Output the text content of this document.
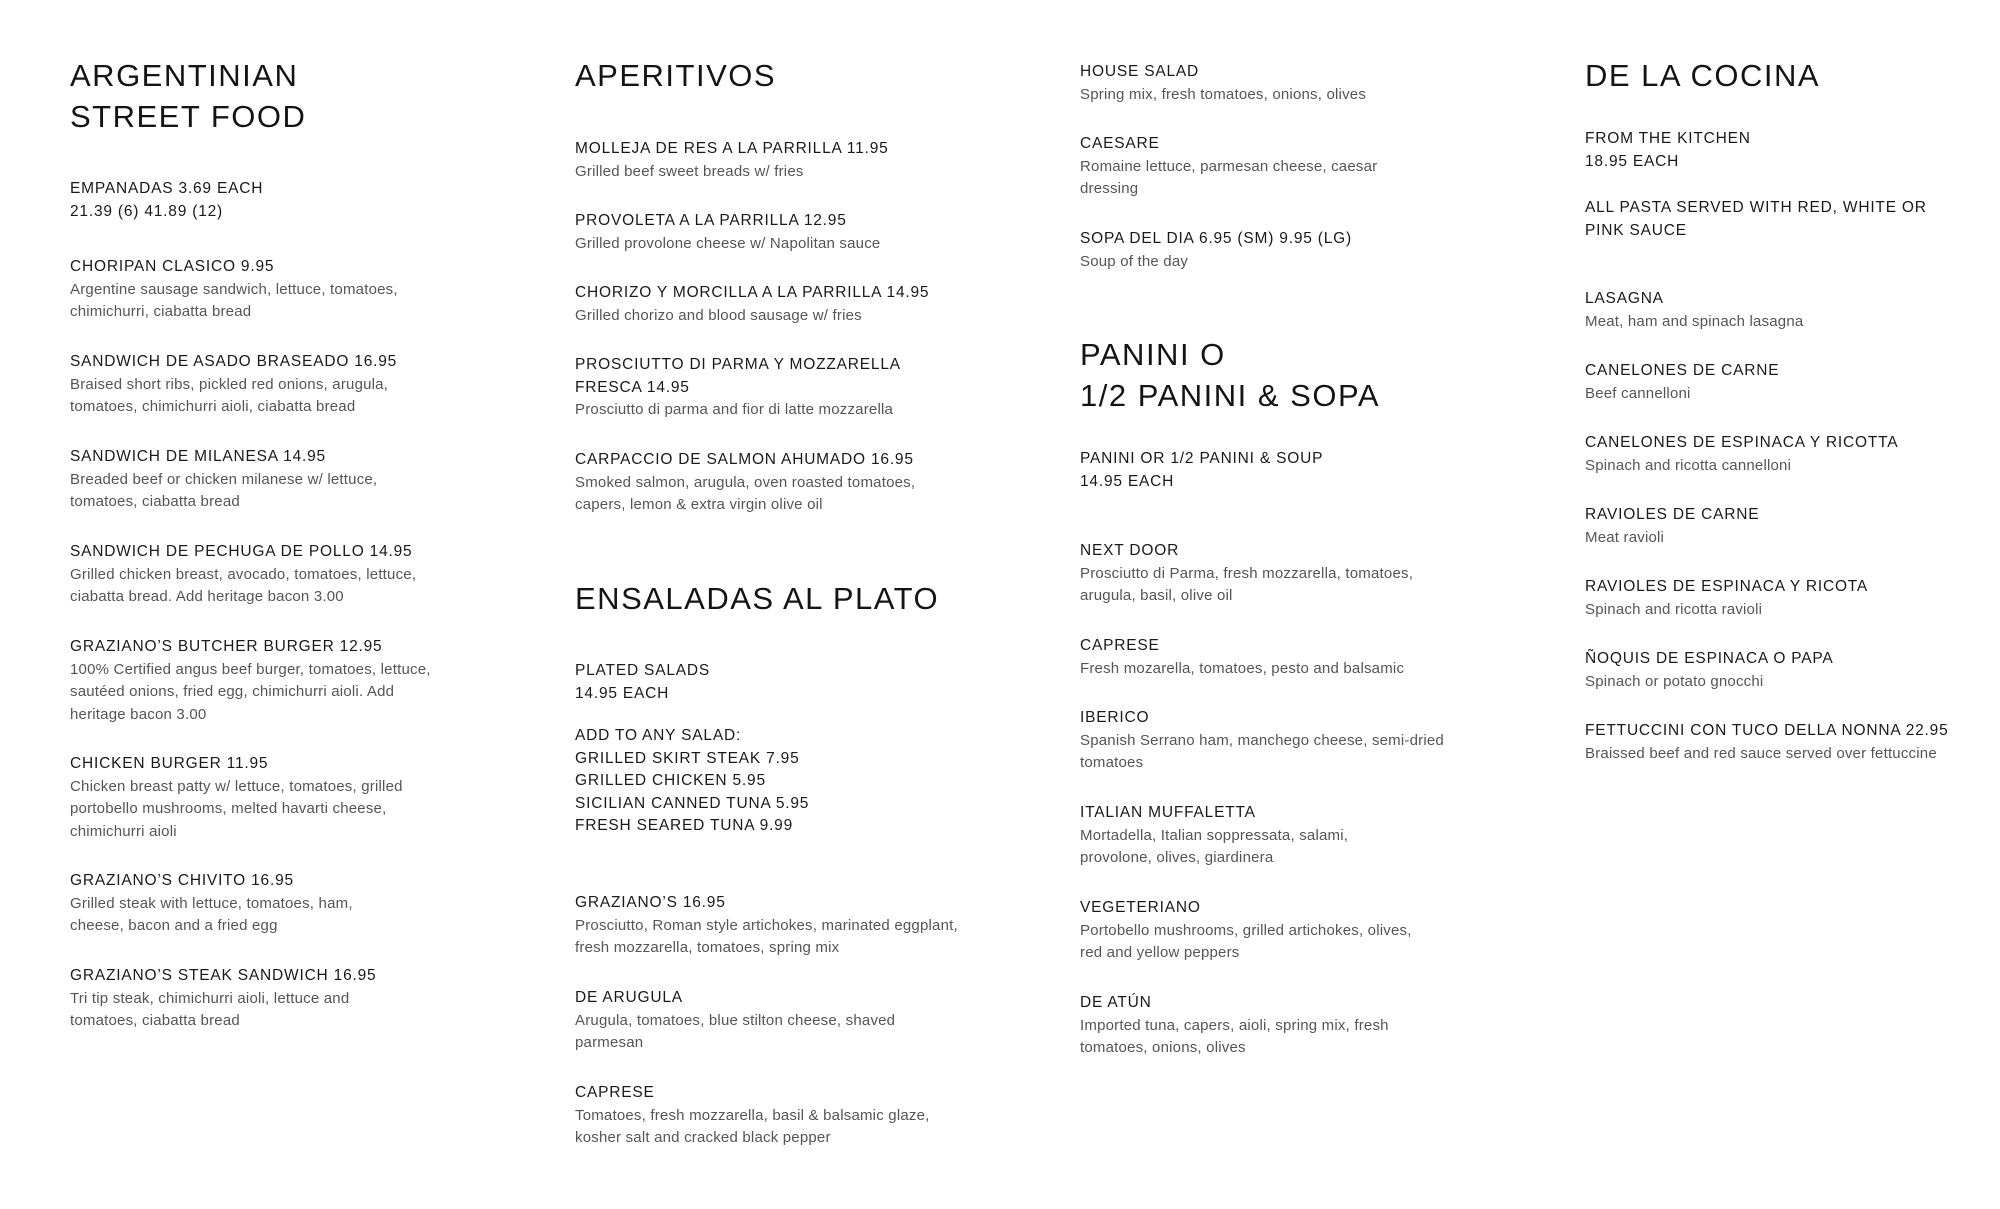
ARGENTINIAN
STREET FOOD

EMPANADAS 3.69 EACH
21.39 (6) 41.89 (12)

CHORIPAN CLASICO 9.95

Argentine sausage sandwich, lettuce, tomatoes, chimichurri, ciabatta bread

SANDWICH DE ASADO BRASEADO 16.95

Braised short ribs, pickled red onions, arugula, tomatoes, chimichurri aioli, ciabatta bread

SANDWICH DE MILANESA 14.95

Breaded beef or chicken milanese w/ lettuce, tomatoes, ciabatta bread

SANDWICH DE PECHUGA DE POLLO 14.95

Grilled chicken breast, avocado, tomatoes, lettuce, ciabatta bread. Add heritage bacon 3.00

GRAZIANO’S BUTCHER BURGER 12.95

100% Certified angus beef burger, tomatoes, lettuce, sautéed onions, fried egg, chimichurri aioli. Add heritage bacon 3.00

CHICKEN BURGER 11.95

Chicken breast patty w/ lettuce, tomatoes, grilled portobello mushrooms, melted havarti cheese, chimichurri aioli

GRAZIANO’S CHIVITO 16.95

Grilled steak with lettuce, tomatoes, ham, cheese, bacon and a fried egg

GRAZIANO’S STEAK SANDWICH 16.95

Tri tip steak, chimichurri aioli, lettuce and tomatoes, ciabatta bread

APERITIVOS

MOLLEJA DE RES A LA PARRILLA 11.95

Grilled beef sweet breads w/ fries

PROVOLETA A LA PARRILLA 12.95

Grilled provolone cheese w/ Napolitan sauce

CHORIZO Y MORCILLA A LA PARRILLA 14.95

Grilled chorizo and blood sausage w/ fries

PROSCIUTTO DI PARMA Y MOZZARELLA
FRESCA 14.95

Prosciutto di parma and fior di latte mozzarella

CARPACCIO DE SALMON AHUMADO 16.95

Smoked salmon, arugula, oven roasted tomatoes, capers, lemon & extra virgin olive oil

ENSALADAS AL PLATO

PLATED SALADS
14.95 EACH

ADD TO ANY SALAD:
GRILLED SKIRT STEAK 7.95
GRILLED CHICKEN 5.95
SICILIAN CANNED TUNA 5.95
FRESH SEARED TUNA 9.99

GRAZIANO’S 16.95

Prosciutto, Roman style artichokes, marinated eggplant, fresh mozzarella, tomatoes, spring mix

DE ARUGULA

Arugula, tomatoes, blue stilton cheese, shaved parmesan

CAPRESE

Tomatoes, fresh mozzarella, basil & balsamic glaze, kosher salt and cracked black pepper

HOUSE SALAD

Spring mix, fresh tomatoes, onions, olives

CAESARE

Romaine lettuce, parmesan cheese, caesar dressing

SOPA DEL DIA 6.95 (SM) 9.95 (LG)

Soup of the day

PANINI O
1/2 PANINI & SOPA

PANINI OR 1/2 PANINI & SOUP
14.95 EACH

NEXT DOOR

Prosciutto di Parma, fresh mozzarella, tomatoes, arugula, basil, olive oil

CAPRESE

Fresh mozarella, tomatoes, pesto and balsamic

IBERICO

Spanish Serrano ham, manchego cheese, semi-dried tomatoes

ITALIAN MUFFALETTA

Mortadella, Italian soppressata, salami, provolone, olives, giardinera

VEGETERIANO

Portobello mushrooms, grilled artichokes, olives, red and yellow peppers

DE ATÚN

Imported tuna, capers, aioli, spring mix, fresh tomatoes, onions, olives

DE LA COCINA

FROM THE KITCHEN
18.95 EACH

ALL PASTA SERVED WITH RED, WHITE OR
PINK SAUCE

LASAGNA

Meat, ham and spinach lasagna

CANELONES DE CARNE

Beef cannelloni

CANELONES DE ESPINACA Y RICOTTA

Spinach and ricotta cannelloni

RAVIOLES DE CARNE

Meat ravioli

RAVIOLES DE ESPINACA Y RICOTA

Spinach and ricotta ravioli

ÑOQUIS DE ESPINACA O PAPA

Spinach or potato gnocchi

FETTUCCINI CON TUCO DELLA NONNA 22.95

Braissed beef and red sauce served over fettuccine
